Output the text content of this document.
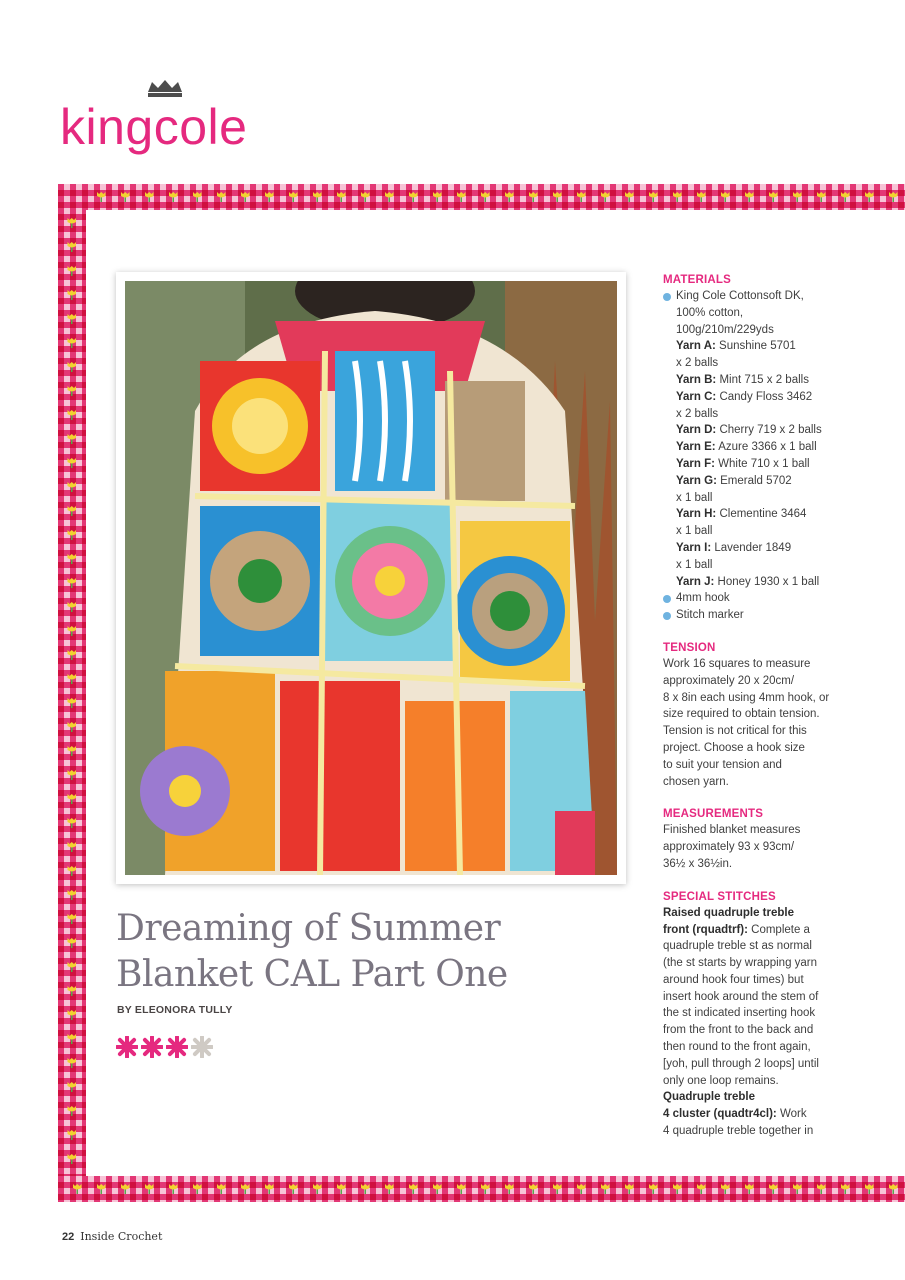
kingcole
Dreaming of Summer
Blanket CAL Part One
BY ELEONORA TULLY
MATERIALS
King Cole Cottonsoft DK,
100% cotton,
100g/210m/229yds
Yarn A: Sunshine 5701
x 2 balls
Yarn B: Mint 715 x 2 balls
Yarn C: Candy Floss 3462
x 2 balls
Yarn D: Cherry 719 x 2 balls
Yarn E: Azure 3366 x 1 ball
Yarn F: White 710 x 1 ball
Yarn G: Emerald 5702
x 1 ball
Yarn H: Clementine 3464
x 1 ball
Yarn I: Lavender 1849
x 1 ball
Yarn J: Honey 1930 x 1 ball
4mm hook
Stitch marker
TENSION
Work 16 squares to measure
approximately 20 x 20cm/
8 x 8in each using 4mm hook, or
size required to obtain tension.
Tension is not critical for this
project. Choose a hook size
to suit your tension and
chosen yarn.
MEASUREMENTS
Finished blanket measures
approximately 93 x 93cm/
36½ x 36½in.
SPECIAL STITCHES
Raised quadruple treble
front (rquadtrf): Complete a
quadruple treble st as normal
(the st starts by wrapping yarn
around hook four times) but
insert hook around the stem of
the st indicated inserting hook
from the front to the back and
then round to the front again,
[yoh, pull through 2 loops] until
only one loop remains.
Quadruple treble
4 cluster (quadtr4cl): Work
4 quadruple treble together in
22 Inside Crochet
